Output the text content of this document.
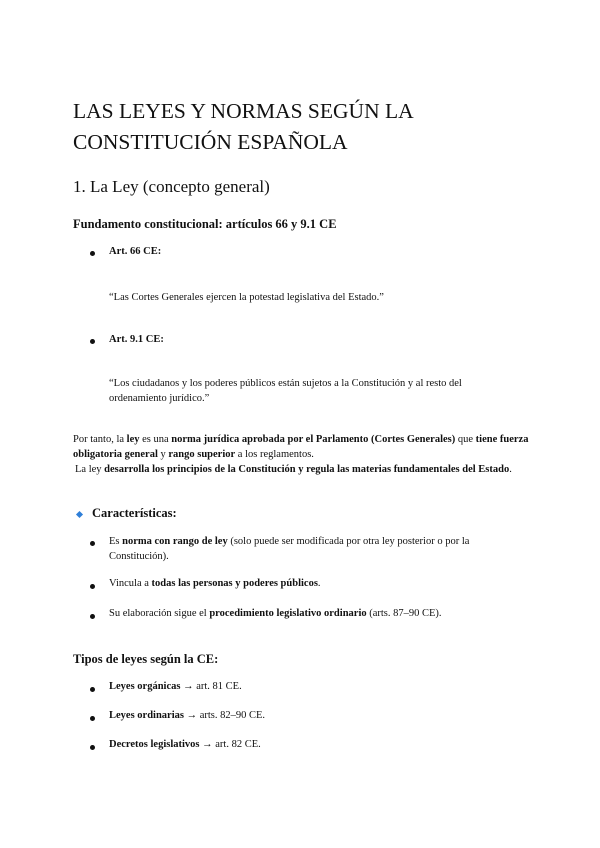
LAS LEYES Y NORMAS SEGÚN LA CONSTITUCIÓN ESPAÑOLA
1. La Ley (concepto general)
Fundamento constitucional: artículos 66 y 9.1 CE
Art. 66 CE:
“Las Cortes Generales ejercen la potestad legislativa del Estado.”
Art. 9.1 CE:
“Los ciudadanos y los poderes públicos están sujetos a la Constitución y al resto del ordenamiento jurídico.”
Por tanto, la ley es una norma jurídica aprobada por el Parlamento (Cortes Generales) que tiene fuerza obligatoria general y rango superior a los reglamentos.
La ley desarrolla los principios de la Constitución y regula las materias fundamentales del Estado.
Características:
Es norma con rango de ley (solo puede ser modificada por otra ley posterior o por la Constitución).
Vincula a todas las personas y poderes públicos.
Su elaboración sigue el procedimiento legislativo ordinario (arts. 87–90 CE).
Tipos de leyes según la CE:
Leyes orgánicas → art. 81 CE.
Leyes ordinarias → arts. 82–90 CE.
Decretos legislativos → art. 82 CE.
